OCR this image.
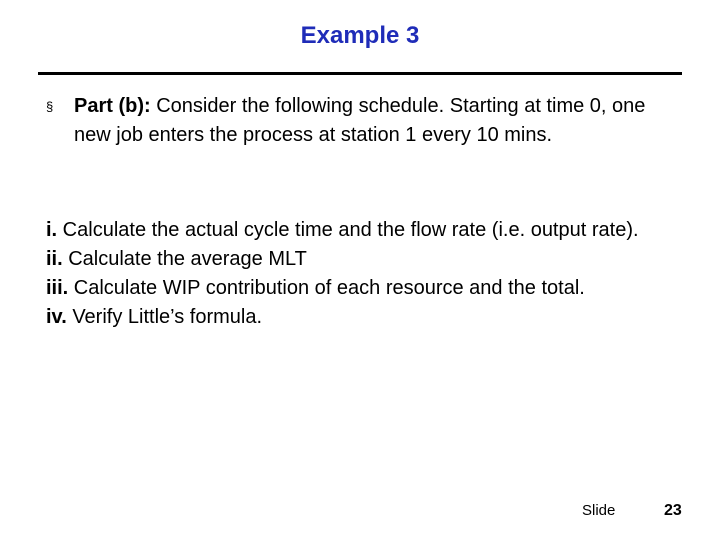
Example 3
§ Part (b): Consider the following schedule. Starting at time 0, one new job enters the process at station 1 every 10 mins.
i. Calculate the actual cycle time and the flow rate (i.e. output rate).
ii. Calculate the average MLT
iii. Calculate WIP contribution of each resource and the total.
iv. Verify Little’s formula.
Slide	23
